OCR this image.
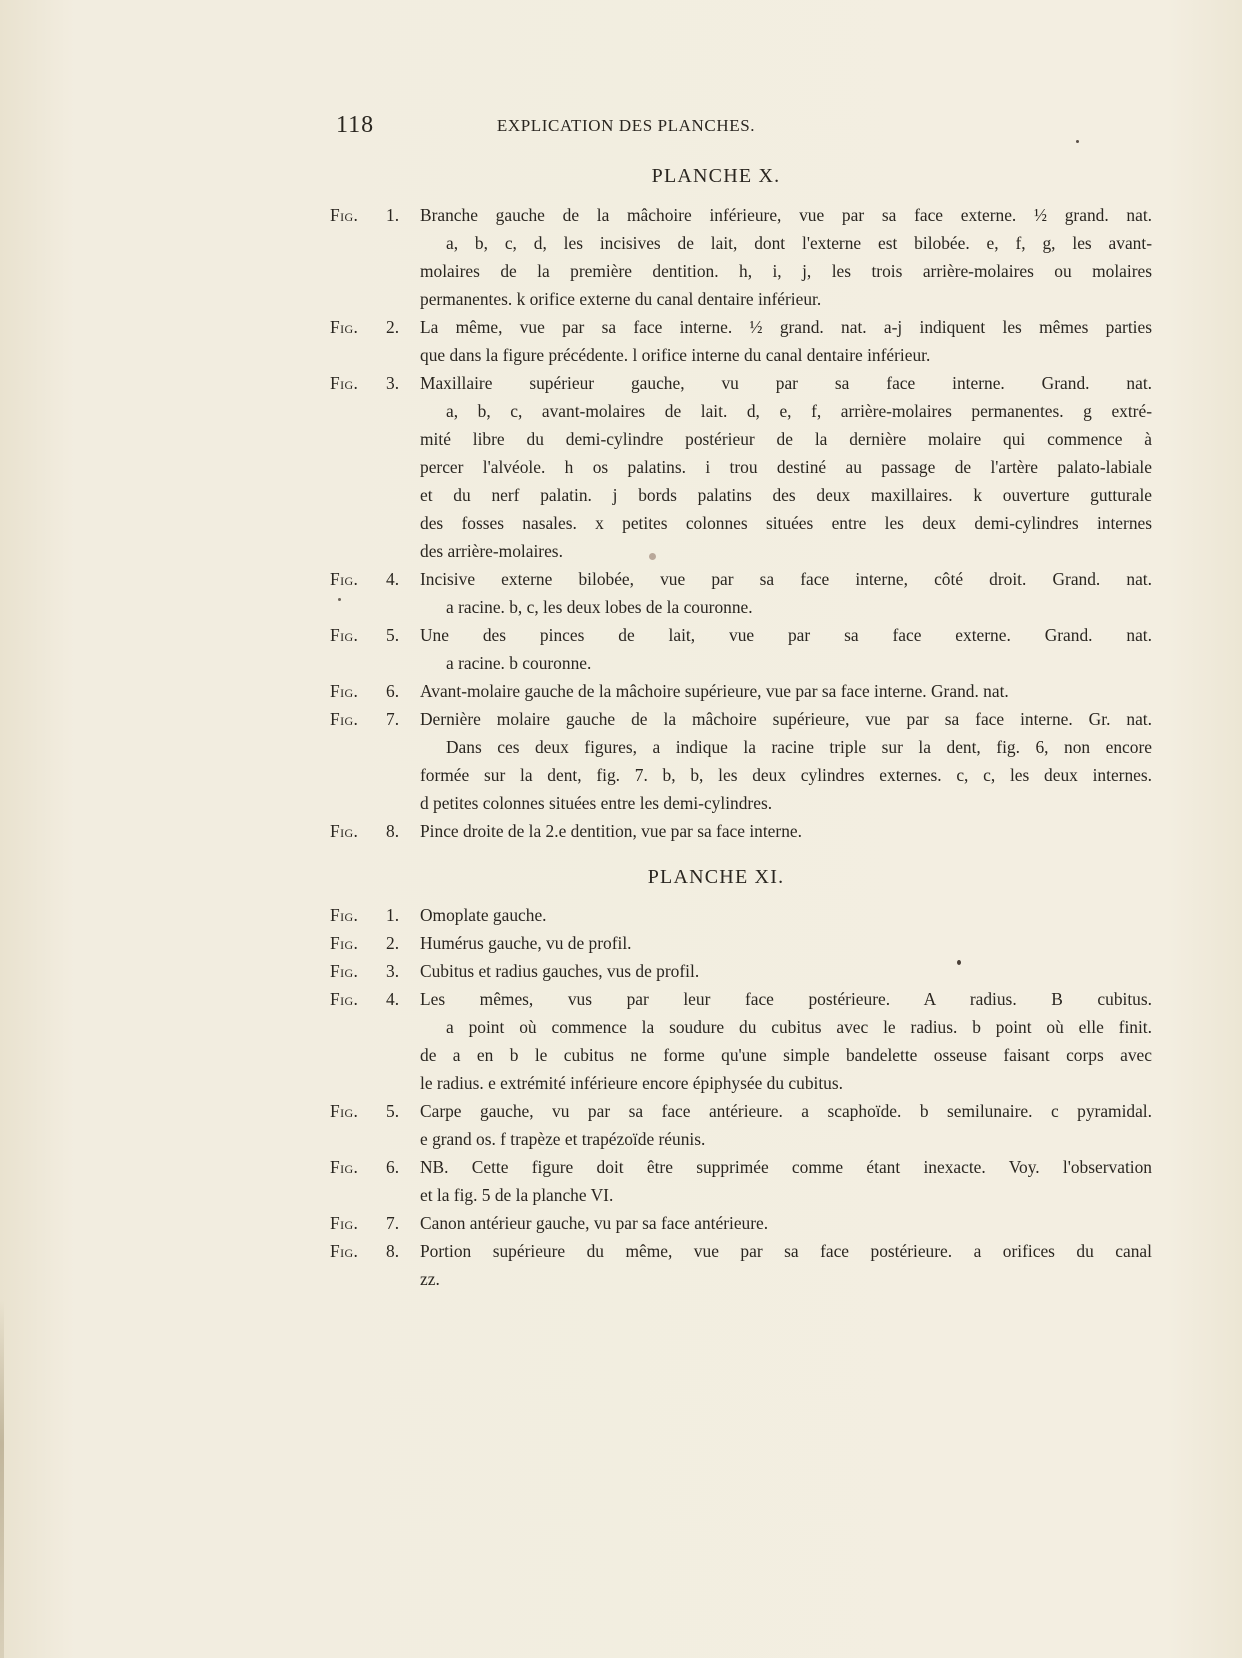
118	EXPLICATION DES PLANCHES.
PLANCHE X.
Fig. 1. Branche gauche de la mâchoire inférieure, vue par sa face externe. ½ grand. nat.
a, b, c, d, les incisives de lait, dont l'externe est bilobée. e, f, g, les avant-
molaires de la première dentition. h, i, j, les trois arrière-molaires ou molaires
permanentes. k orifice externe du canal dentaire inférieur.
Fig. 2. La même, vue par sa face interne. ½ grand. nat. a-j indiquent les mêmes parties
que dans la figure précédente. l orifice interne du canal dentaire inférieur.
Fig. 3. Maxillaire supérieur gauche, vu par sa face interne. Grand. nat.
a, b, c, avant-molaires de lait. d, e, f, arrière-molaires permanentes. g extré-
mité libre du demi-cylindre postérieur de la dernière molaire qui commence à
percer l'alvéole. h os palatins. i trou destiné au passage de l'artère palato-labiale
et du nerf palatin. j bords palatins des deux maxillaires. k ouverture gutturale
des fosses nasales. x petites colonnes situées entre les deux demi-cylindres internes
des arrière-molaires.
Fig. 4. Incisive externe bilobée, vue par sa face interne, côté droit. Grand. nat.
a racine. b, c, les deux lobes de la couronne.
Fig. 5. Une des pinces de lait, vue par sa face externe. Grand. nat.
a racine. b couronne.
Fig. 6. Avant-molaire gauche de la mâchoire supérieure, vue par sa face interne. Grand. nat.
Fig. 7. Dernière molaire gauche de la mâchoire supérieure, vue par sa face interne. Gr. nat.
Dans ces deux figures, a indique la racine triple sur la dent, fig. 6, non encore
formée sur la dent, fig. 7. b, b, les deux cylindres externes. c, c, les deux internes.
d petites colonnes situées entre les demi-cylindres.
Fig. 8. Pince droite de la 2.e dentition, vue par sa face interne.
PLANCHE XI.
Fig. 1. Omoplate gauche.
Fig. 2. Humérus gauche, vu de profil.
Fig. 3. Cubitus et radius gauches, vus de profil.
Fig. 4. Les mêmes, vus par leur face postérieure. A radius. B cubitus.
a point où commence la soudure du cubitus avec le radius. b point où elle finit.
de a en b le cubitus ne forme qu'une simple bandelette osseuse faisant corps avec
le radius. e extrémité inférieure encore épiphysée du cubitus.
Fig. 5. Carpe gauche, vu par sa face antérieure. a scaphoïde. b semilunaire. c pyramidal.
e grand os. f trapèze et trapézoïde réunis.
Fig. 6. NB. Cette figure doit être supprimée comme étant inexacte. Voy. l'observation
et la fig. 5 de la planche VI.
Fig. 7. Canon antérieur gauche, vu par sa face antérieure.
Fig. 8. Portion supérieure du même, vue par sa face postérieure. a orifices du canal
zz.
